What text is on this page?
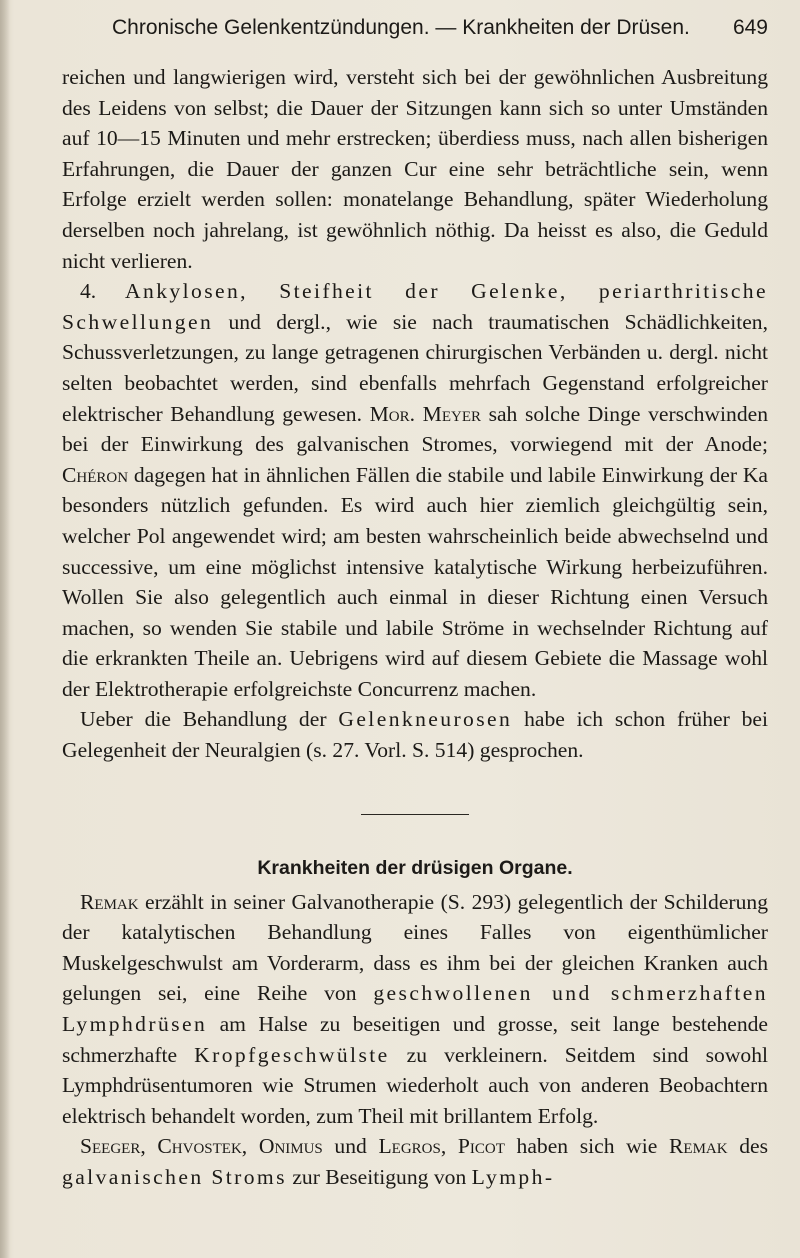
Chronische Gelenkentzündungen. — Krankheiten der Drüsen. 649

reichen und langwierigen wird, versteht sich bei der gewöhnlichen Ausbreitung des Leidens von selbst; die Dauer der Sitzungen kann sich so unter Umständen auf 10—15 Minuten und mehr erstrecken; überdiess muss, nach allen bisherigen Erfahrungen, die Dauer der ganzen Cur eine sehr beträchtliche sein, wenn Erfolge erzielt werden sollen: monatelange Behandlung, später Wiederholung derselben noch jahrelang, ist gewöhnlich nöthig. Da heisst es also, die Geduld nicht verlieren.

4. Ankylosen, Steifheit der Gelenke, periarthritische Schwellungen und dergl., wie sie nach traumatischen Schädlichkeiten, Schussverletzungen, zu lange getragenen chirurgischen Verbänden u. dergl. nicht selten beobachtet werden, sind ebenfalls mehrfach Gegenstand erfolgreicher elektrischer Behandlung gewesen. Mor. Meyer sah solche Dinge verschwinden bei der Einwirkung des galvanischen Stromes, vorwiegend mit der Anode; Chéron dagegen hat in ähnlichen Fällen die stabile und labile Einwirkung der Ka besonders nützlich gefunden. Es wird auch hier ziemlich gleichgültig sein, welcher Pol angewendet wird; am besten wahrscheinlich beide abwechselnd und successive, um eine möglichst intensive katalytische Wirkung herbeizuführen. Wollen Sie also gelegentlich auch einmal in dieser Richtung einen Versuch machen, so wenden Sie stabile und labile Ströme in wechselnder Richtung auf die erkrankten Theile an. Uebrigens wird auf diesem Gebiete die Massage wohl der Elektrotherapie erfolgreichste Concurrenz machen.

Ueber die Behandlung der Gelenkneurosen habe ich schon früher bei Gelegenheit der Neuralgien (s. 27. Vorl. S. 514) gesprochen.

Krankheiten der drüsigen Organe.

Remak erzählt in seiner Galvanotherapie (S. 293) gelegentlich der Schilderung der katalytischen Behandlung eines Falles von eigenthümlicher Muskelgeschwulst am Vorderarm, dass es ihm bei der gleichen Kranken auch gelungen sei, eine Reihe von geschwollenen und schmerzhaften Lymphdrüsen am Halse zu beseitigen und grosse, seit lange bestehende schmerzhafte Kropfgeschwülste zu verkleinern. Seitdem sind sowohl Lymphdrüsentumoren wie Strumen wiederholt auch von anderen Beobachtern elektrisch behandelt worden, zum Theil mit brillantem Erfolg.

Seeger, Chvostek, Onimus und Legros, Picot haben sich wie Remak des galvanischen Stroms zur Beseitigung von Lymph-
